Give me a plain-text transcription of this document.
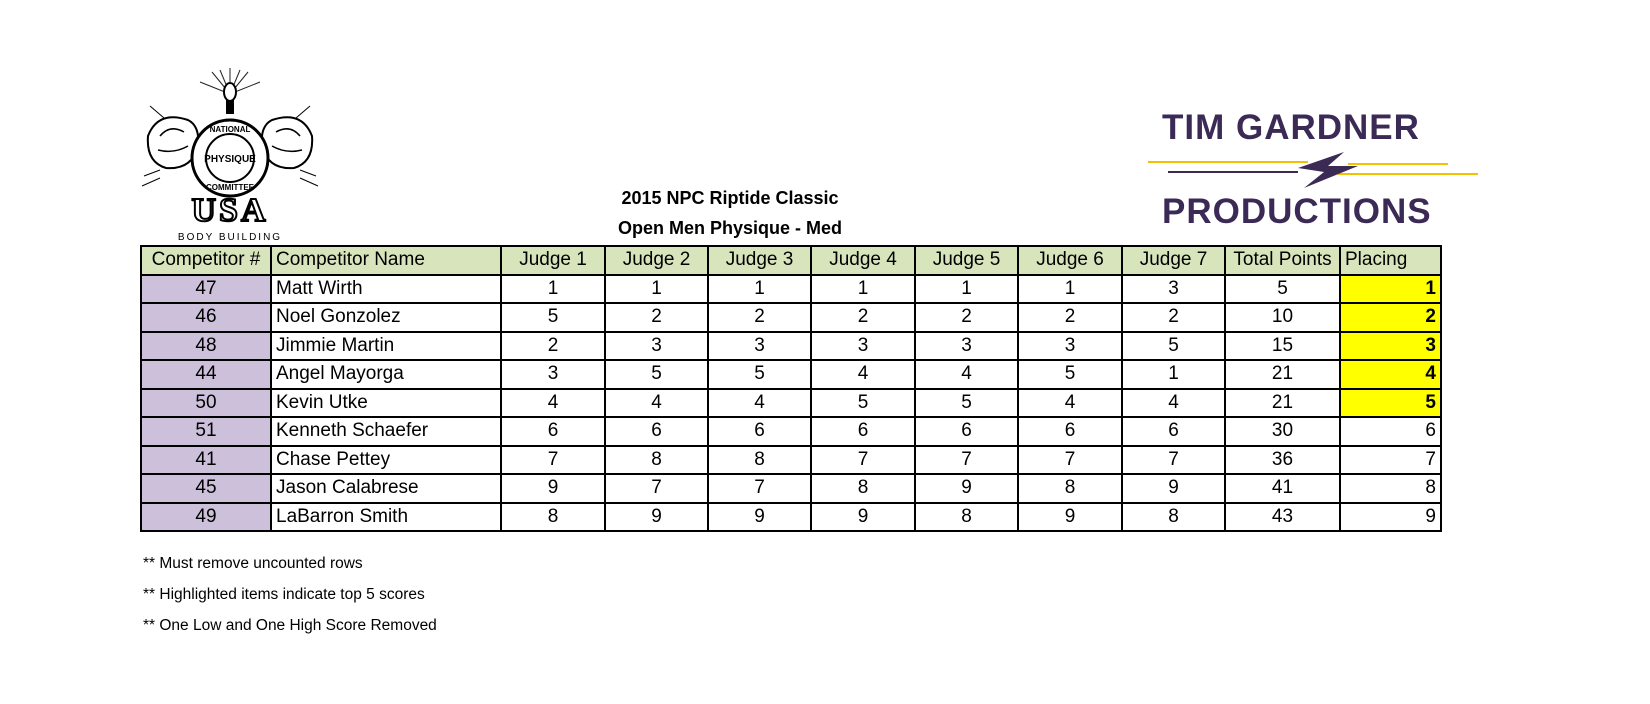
PHYSIQUE
NATIONAL
COMMITTEE
USA
BODY BUILDING
TIM GARDNER
PRODUCTIONS
2015 NPC Riptide Classic
Open Men Physique - Med
Competitor #	Competitor Name	Judge 1	Judge 2	Judge 3	Judge 4	Judge 5	Judge 6	Judge 7	Total Points	Placing
47	Matt Wirth	1	1	1	1	1	1	3	5	1
46	Noel Gonzolez	5	2	2	2	2	2	2	10	2
48	Jimmie Martin	2	3	3	3	3	3	5	15	3
44	Angel Mayorga	3	5	5	4	4	5	1	21	4
50	Kevin Utke	4	4	4	5	5	4	4	21	5
51	Kenneth Schaefer	6	6	6	6	6	6	6	30	6
41	Chase Pettey	7	8	8	7	7	7	7	36	7
45	Jason Calabrese	9	7	7	8	9	8	9	41	8
49	LaBarron Smith	8	9	9	9	8	9	8	43	9
** Must remove uncounted rows
** Highlighted items indicate top 5 scores
** One Low and One High Score Removed
